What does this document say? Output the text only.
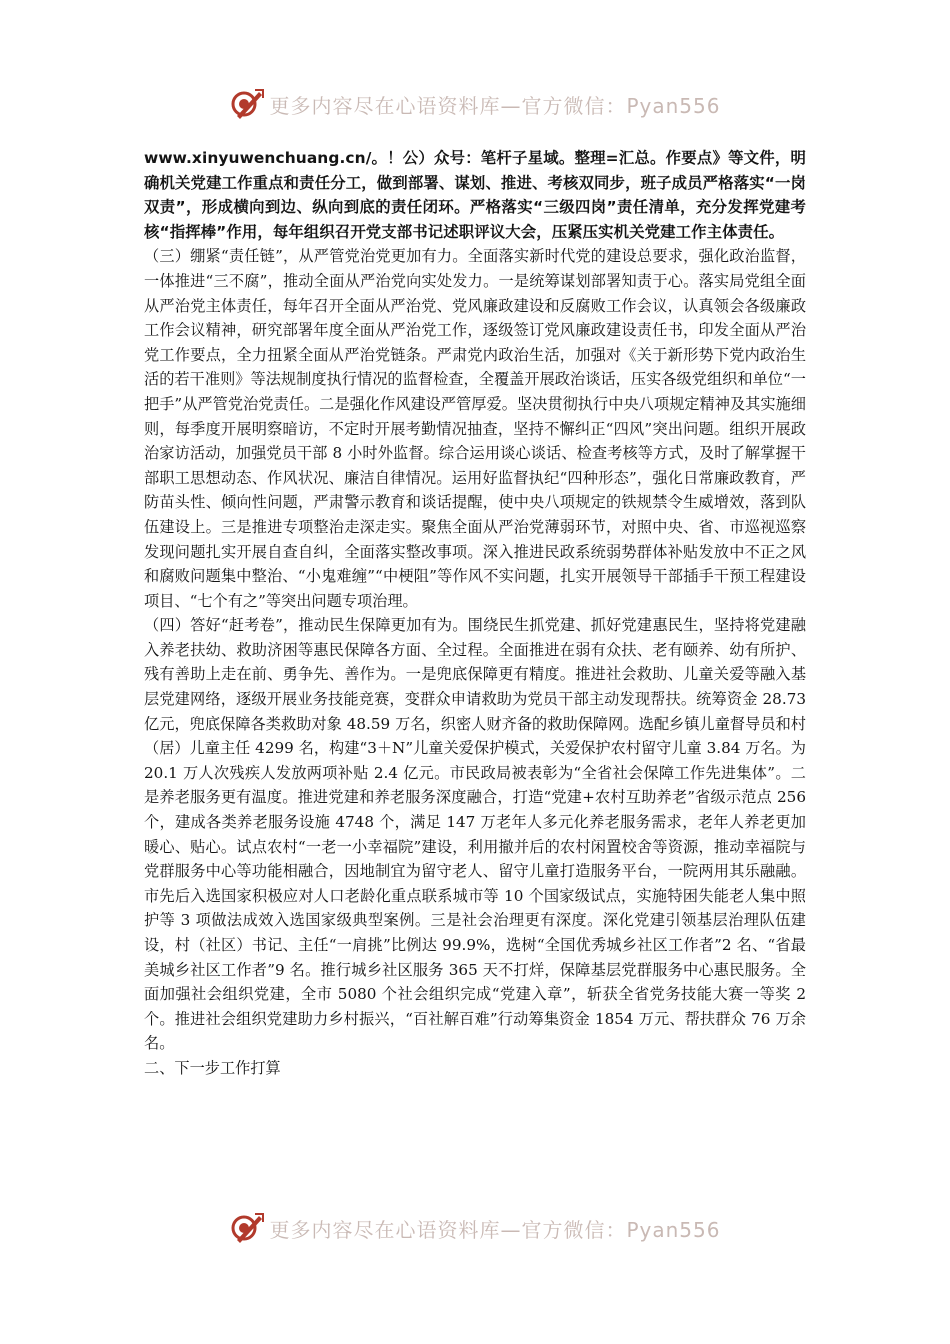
更多内容尽在心语资料库—官方微信：Pyan556

www.xinyuwenchuang.cn/。！公）众号：笔杆子星域。整理=汇总。作要点》等文件，明确机关党建工作重点和责任分工，做到部署、谋划、推进、考核双同步，班子成员严格落实“一岗双责”，形成横向到边、纵向到底的责任闭环。严格落实“三级四岗”责任清单，充分发挥党建考核“指挥棒”作用，每年组织召开党支部书记述职评议大会，压紧压实机关党建工作主体责任。

（三）绷紧“责任链”，从严管党治党更加有力。全面落实新时代党的建设总要求，强化政治监督，一体推进“三不腐”，推动全面从严治党向实处发力。一是统筹谋划部署知责于心。落实局党组全面从严治党主体责任，每年召开全面从严治党、党风廉政建设和反腐败工作会议，认真领会各级廉政工作会议精神，研究部署年度全面从严治党工作，逐级签订党风廉政建设责任书，印发全面从严治党工作要点，全力扭紧全面从严治党链条。严肃党内政治生活，加强对《关于新形势下党内政治生活的若干准则》等法规制度执行情况的监督检查，全覆盖开展政治谈话，压实各级党组织和单位“一把手”从严管党治党责任。二是强化作风建设严管厚爱。坚决贯彻执行中央八项规定精神及其实施细则，每季度开展明察暗访，不定时开展考勤情况抽查，坚持不懈纠正“四风”突出问题。组织开展政治家访活动，加强党员干部 8 小时外监督。综合运用谈心谈话、检查考核等方式，及时了解掌握干部职工思想动态、作风状况、廉洁自律情况。运用好监督执纪“四种形态”，强化日常廉政教育，严防苗头性、倾向性问题，严肃警示教育和谈话提醒，使中央八项规定的铁规禁令生威增效，落到队伍建设上。三是推进专项整治走深走实。聚焦全面从严治党薄弱环节，对照中央、省、市巡视巡察发现问题扎实开展自查自纠，全面落实整改事项。深入推进民政系统弱势群体补贴发放中不正之风和腐败问题集中整治、“小鬼难缠”“中梗阻”等作风不实问题，扎实开展领导干部插手干预工程建设项目、“七个有之”等突出问题专项治理。

（四）答好“赶考卷”，推动民生保障更加有为。围绕民生抓党建、抓好党建惠民生，坚持将党建融入养老扶幼、救助济困等惠民保障各方面、全过程。全面推进在弱有众扶、老有颐养、幼有所护、残有善助上走在前、勇争先、善作为。一是兜底保障更有精度。推进社会救助、儿童关爱等融入基层党建网络，逐级开展业务技能竞赛，变群众申请救助为党员干部主动发现帮扶。统筹资金 28.73 亿元，兜底保障各类救助对象 48.59 万名，织密人财齐备的救助保障网。选配乡镇儿童督导员和村（居）儿童主任 4299 名，构建“3＋N”儿童关爱保护模式，关爱保护农村留守儿童 3.84 万名。为 20.1 万人次残疾人发放两项补贴 2.4 亿元。市民政局被表彰为“全省社会保障工作先进集体”。二是养老服务更有温度。推进党建和养老服务深度融合，打造“党建+农村互助养老”省级示范点 256 个，建成各类养老服务设施 4748 个，满足 147 万老年人多元化养老服务需求，老年人养老更加暖心、贴心。试点农村“一老一小幸福院”建设，利用撤并后的农村闲置校舍等资源，推动幸福院与党群服务中心等功能相融合，因地制宜为留守老人、留守儿童打造服务平台，一院两用其乐融融。市先后入选国家积极应对人口老龄化重点联系城市等 10 个国家级试点，实施特困失能老人集中照护等 3 项做法成效入选国家级典型案例。三是社会治理更有深度。深化党建引领基层治理队伍建设，村（社区）书记、主任“一肩挑”比例达 99.9%，选树“全国优秀城乡社区工作者”2 名、“省最美城乡社区工作者”9 名。推行城乡社区服务 365 天不打烊，保障基层党群服务中心惠民服务。全面加强社会组织党建，全市 5080 个社会组织完成“党建入章”，斩获全省党务技能大赛一等奖 2 个。推进社会组织党建助力乡村振兴，“百社解百难”行动筹集资金 1854 万元、帮扶群众 76 万余名。

二、下一步工作打算

更多内容尽在心语资料库—官方微信：Pyan556
